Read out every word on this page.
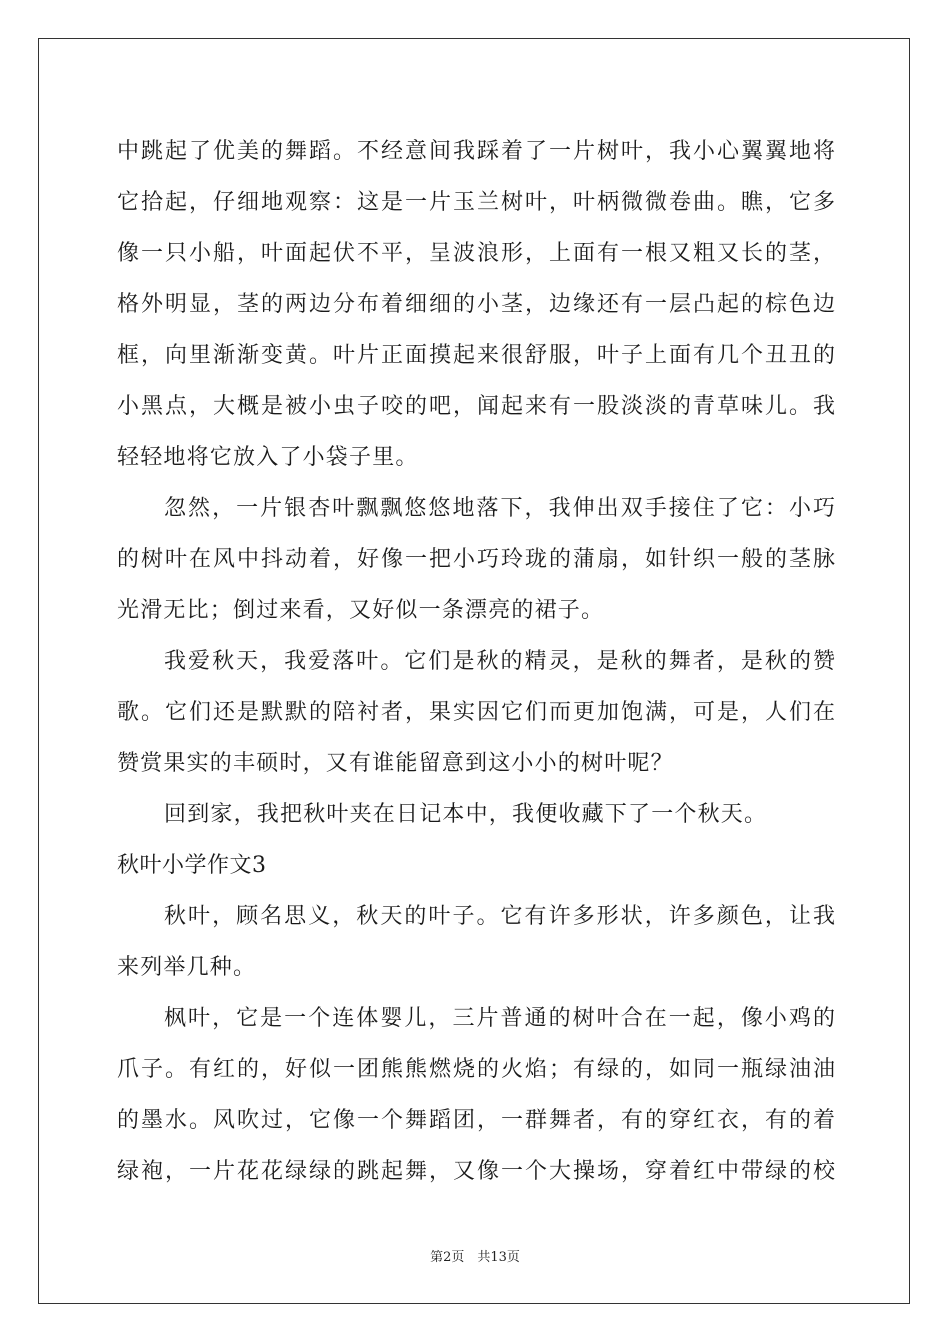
中跳起了优美的舞蹈。不经意间我踩着了一片树叶，我小心翼翼地将
它拾起，仔细地观察：这是一片玉兰树叶，叶柄微微卷曲。瞧，它多
像一只小船，叶面起伏不平，呈波浪形，上面有一根又粗又长的茎，
格外明显，茎的两边分布着细细的小茎，边缘还有一层凸起的棕色边
框，向里渐渐变黄。叶片正面摸起来很舒服，叶子上面有几个丑丑的
小黑点，大概是被小虫子咬的吧，闻起来有一股淡淡的青草味儿。我
轻轻地将它放入了小袋子里。
忽然，一片银杏叶飘飘悠悠地落下，我伸出双手接住了它：小巧
的树叶在风中抖动着，好像一把小巧玲珑的蒲扇，如针织一般的茎脉
光滑无比；倒过来看，又好似一条漂亮的裙子。
我爱秋天，我爱落叶。它们是秋的精灵，是秋的舞者，是秋的赞
歌。它们还是默默的陪衬者，果实因它们而更加饱满，可是，人们在
赞赏果实的丰硕时，又有谁能留意到这小小的树叶呢？
回到家，我把秋叶夹在日记本中，我便收藏下了一个秋天。
秋叶小学作文3
秋叶，顾名思义，秋天的叶子。它有许多形状，许多颜色，让我
来列举几种。
枫叶，它是一个连体婴儿，三片普通的树叶合在一起，像小鸡的
爪子。有红的，好似一团熊熊燃烧的火焰；有绿的，如同一瓶绿油油
的墨水。风吹过，它像一个舞蹈团，一群舞者，有的穿红衣，有的着
绿袍，一片花花绿绿的跳起舞，又像一个大操场，穿着红中带绿的校
第2页　共13页
